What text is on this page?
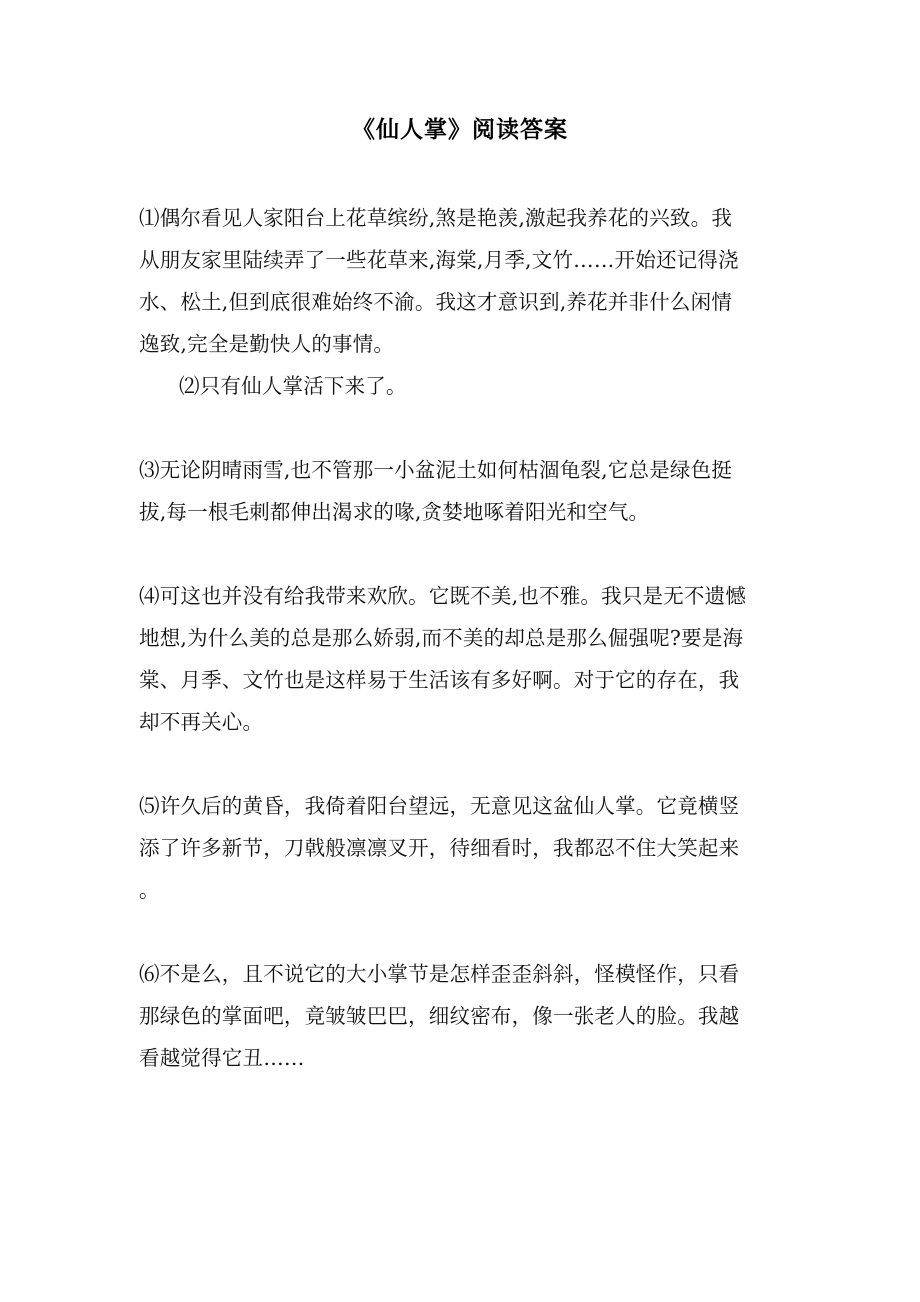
《仙人掌》阅读答案
⑴偶尔看见人家阳台上花草缤纷,煞是艳羡,激起我养花的兴致。我
从朋友家里陆续弄了一些花草来,海棠,月季,文竹……开始还记得浇
水、松土,但到底很难始终不渝。我这才意识到,养花并非什么闲情
逸致,完全是勤快人的事情。
⑵只有仙人掌活下来了。
⑶无论阴晴雨雪,也不管那一小盆泥土如何枯涸龟裂,它总是绿色挺
拔,每一根毛刺都伸出渴求的喙,贪婪地啄着阳光和空气。
⑷可这也并没有给我带来欢欣。它既不美,也不雅。我只是无不遗憾
地想,为什么美的总是那么娇弱,而不美的却总是那么倔强呢?要是海
棠、月季、文竹也是这样易于生活该有多好啊。对于它的存在，我
却不再关心。
⑸许久后的黄昏，我倚着阳台望远，无意见这盆仙人掌。它竟横竖
添了许多新节，刀戟般凛凛叉开，待细看时，我都忍不住大笑起来
。
⑹不是么，且不说它的大小掌节是怎样歪歪斜斜，怪模怪作，只看
那绿色的掌面吧，竟皱皱巴巴，细纹密布，像一张老人的脸。我越
看越觉得它丑……
